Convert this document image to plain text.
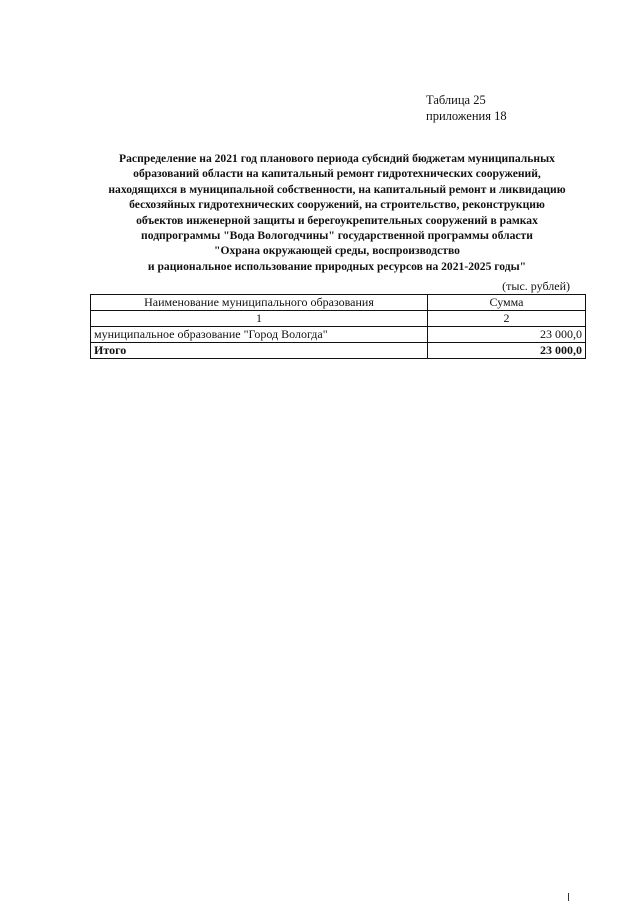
Таблица 25
приложения 18
Распределение на 2021 год планового периода субсидий бюджетам муниципальных
образований области на капитальный ремонт гидротехнических сооружений,
находящихся в муниципальной собственности, на капитальный ремонт и ликвидацию
бесхозяйных гидротехнических сооружений, на строительство, реконструкцию
объектов инженерной защиты и берегоукрепительных сооружений в рамках
подпрограммы "Вода Вологодчины" государственной программы области
"Охрана окружающей среды, воспроизводство
и рациональное использование природных ресурсов на 2021-2025 годы"
(тыс. рублей)
Наименование муниципального образования	Сумма
1	2
муниципальное образование "Город Вологда"	23 000,0
Итого	23 000,0
